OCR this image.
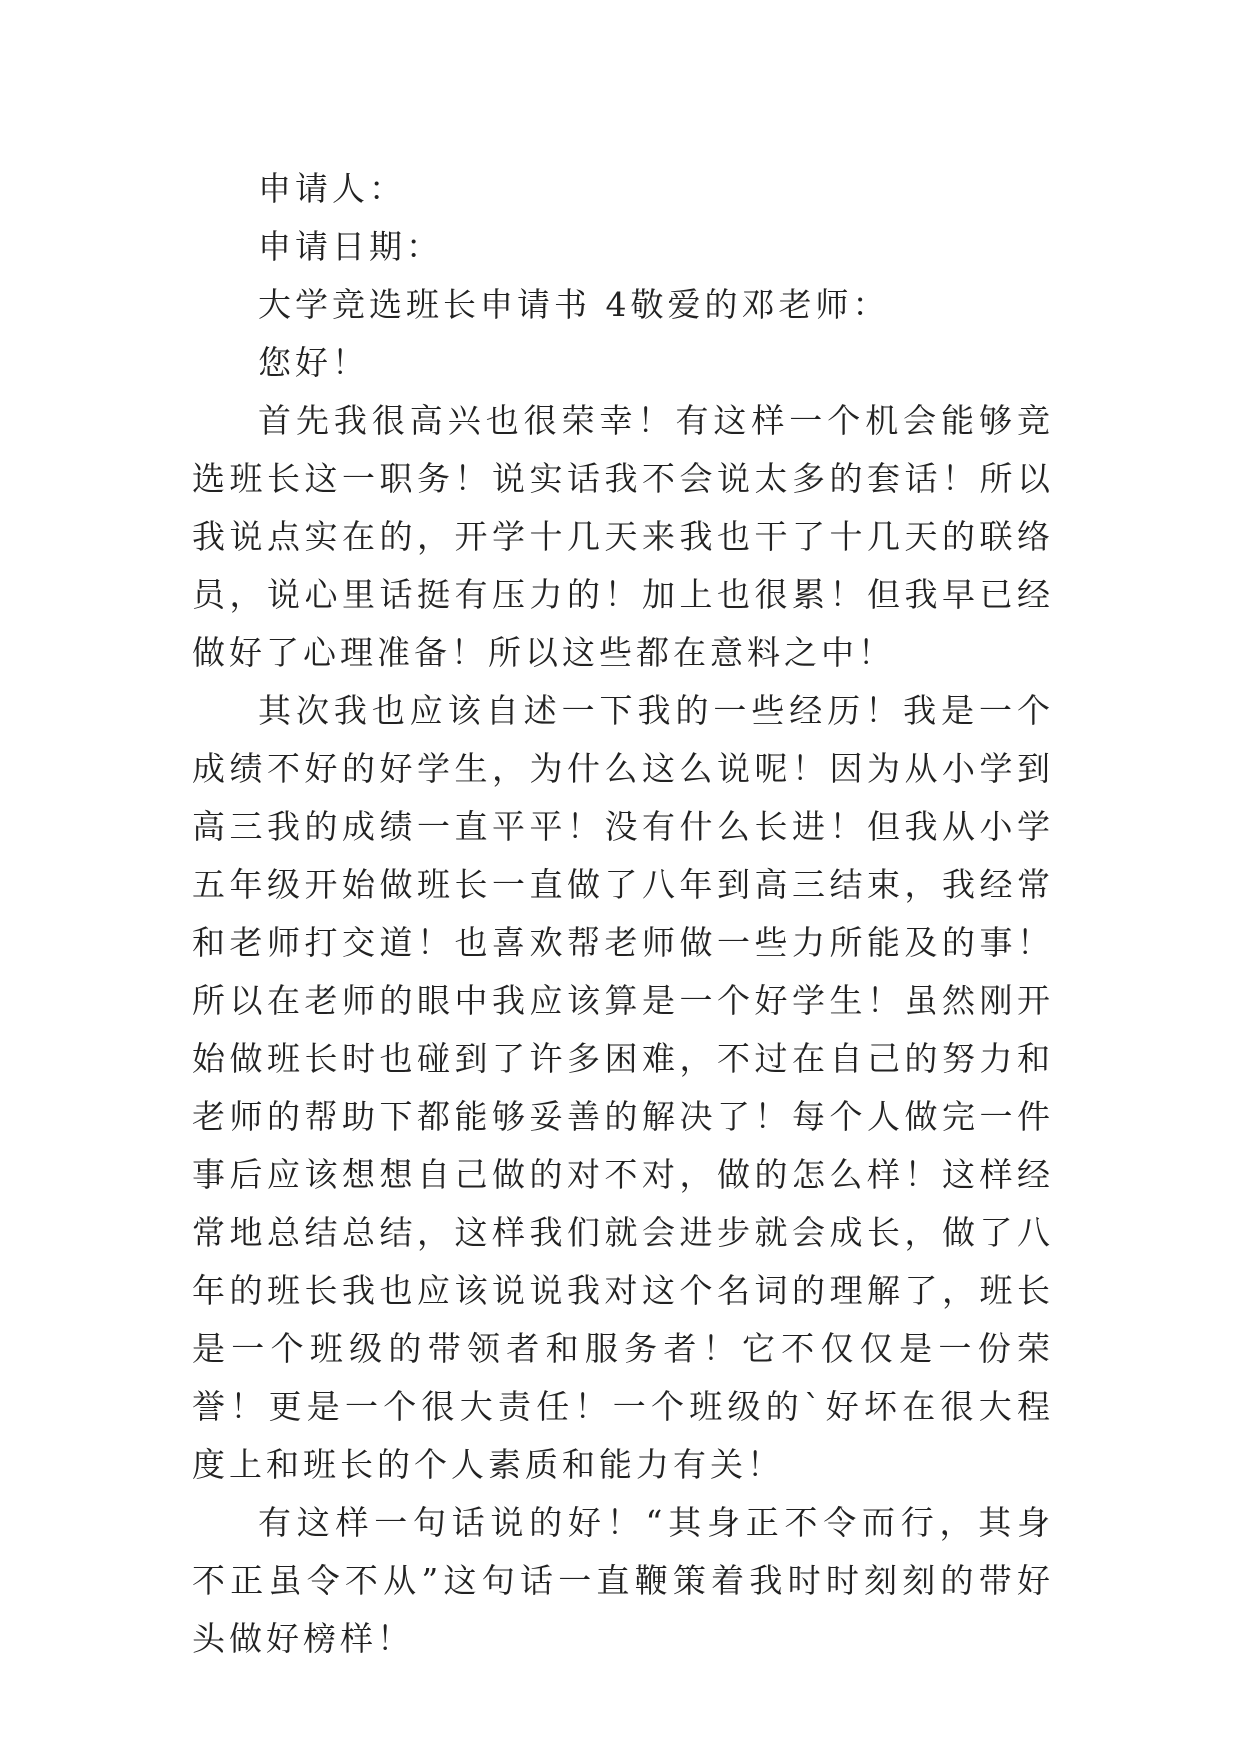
申请人：

申请日期：

大学竞选班长申请书 4敬爱的邓老师：

您好！

首先我很高兴也很荣幸！有这样一个机会能够竞选班长这一职务！说实话我不会说太多的套话！所以我说点实在的，开学十几天来我也干了十几天的联络员，说心里话挺有压力的！加上也很累！但我早已经做好了心理准备！所以这些都在意料之中！

其次我也应该自述一下我的一些经历！我是一个成绩不好的好学生，为什么这么说呢！因为从小学到高三我的成绩一直平平！没有什么长进！但我从小学五年级开始做班长一直做了八年到高三结束，我经常和老师打交道！也喜欢帮老师做一些力所能及的事！所以在老师的眼中我应该算是一个好学生！虽然刚开始做班长时也碰到了许多困难，不过在自己的努力和老师的帮助下都能够妥善的解决了！每个人做完一件事后应该想想自己做的对不对，做的怎么样！这样经常地总结总结，这样我们就会进步就会成长，做了八年的班长我也应该说说我对这个名词的理解了，班长是一个班级的带领者和服务者！它不仅仅是一份荣誉！更是一个很大责任！一个班级的`好坏在很大程度上和班长的个人素质和能力有关！

有这样一句话说的好！“其身正不令而行，其身不正虽令不从”这句话一直鞭策着我时时刻刻的带好头做好榜样！
